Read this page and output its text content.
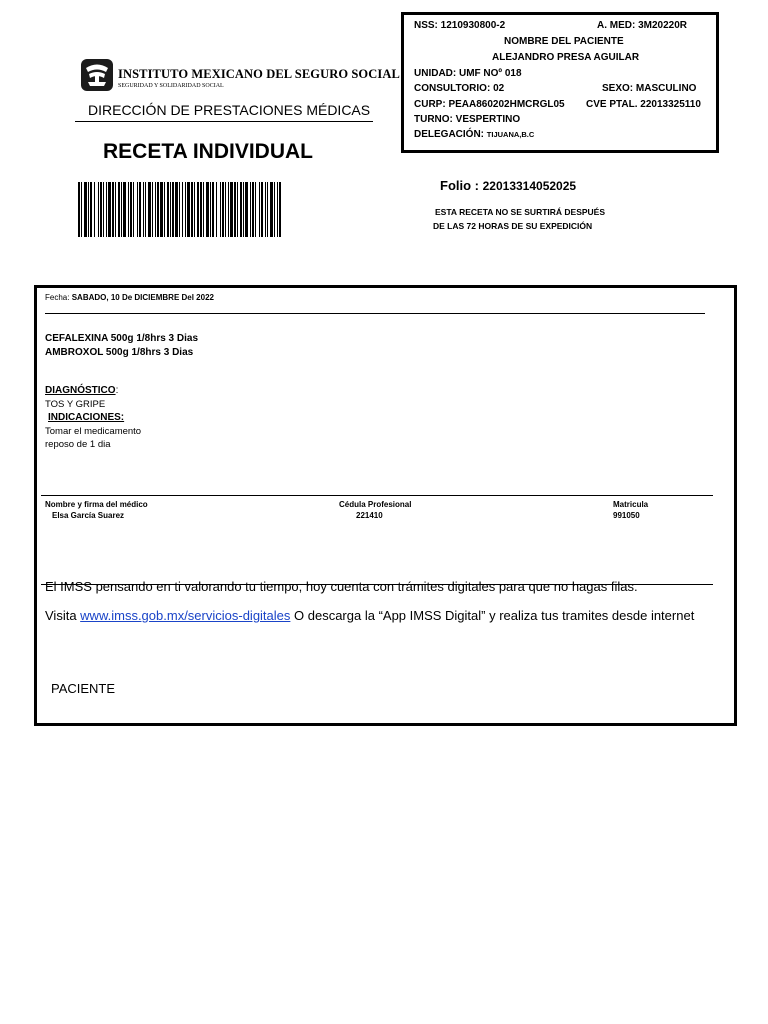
INSTITUTO MEXICANO DEL SEGURO SOCIAL
SEGURIDAD Y SOLIDARIDAD SOCIAL
DIRECCIÓN DE PRESTACIONES MÉDICAS
RECETA INDIVIDUAL
NSS: 1210930800-2	A. MED: 3M20220R
NOMBRE DEL PACIENTE
ALEJANDRO PRESA AGUILAR
UNIDAD: UMF NOº 018
CONSULTORIO: 02	SEXO: MASCULINO
CURP: PEAA860202HMCRGL05 CVE PTAL. 22013325110
TURNO: VESPERTINO
DELEGACIÓN: TIJUANA,B.C
Folio : 22013314052025
ESTA RECETA NO SE SURTIRÁ DESPUÉS
DE LAS 72 HORAS DE SU EXPEDICIÓN
Fecha: SABADO, 10 De DICIEMBRE Del 2022
CEFALEXINA 500g 1/8hrs 3 Dias
AMBROXOL 500g 1/8hrs 3 Dias
DIAGNÓSTICO:
TOS Y GRIPE
INDICACIONES:
Tomar el medicamento
reposo de 1 dia
Nombre y firma del médico
Elsa García Suarez
Cédula Profesional
221410
Matricula
991050
El IMSS pensando en ti valorando tu tiempo, hoy cuenta con trámites digitales para que no hagas filas.
Visita www.imss.gob.mx/servicios-digitales O descarga la “App IMSS Digital” y realiza tus tramites desde internet
PACIENTE
